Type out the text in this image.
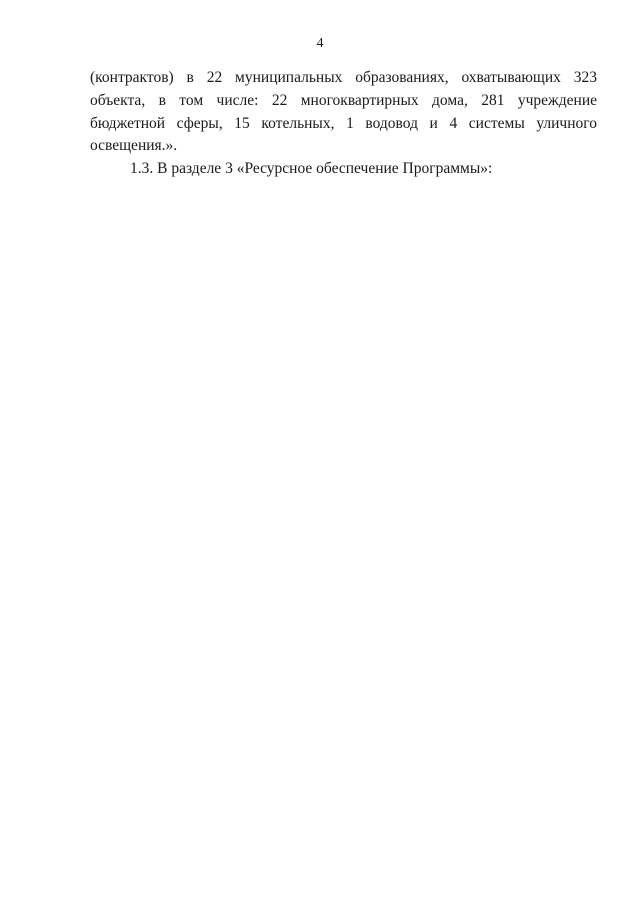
4

(контрактов) в 22 муниципальных образованиях, охватывающих 323 объекта, в том числе: 22 многоквартирных дома, 281 учреждение бюджетной сферы, 15 котельных, 1 водовод и 4 системы уличного освещения.».

1.3. В разделе 3 «Ресурсное обеспечение Программы»:
